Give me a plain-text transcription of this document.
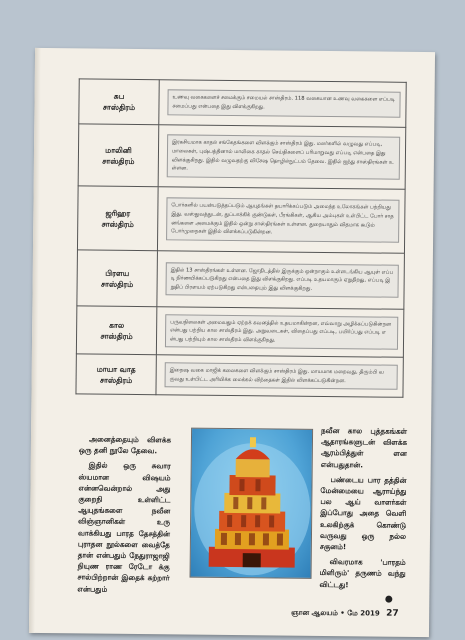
சுப
சாஸ்திரம்	உணவு வகைகளைச் சமைக்கும் சமையல் சாஸ்திரம். 118 வகையான உணவு வகைகளை எப்படி சமைப்பது என்பதை இது விளக்குகிறது.

மாலினி
சாஸ்திரம்	இரகசியமாக காதல் சங்கேதங்களை விளக்கும் சாஸ்திரம் இது. மலர்களில் வழுவது எப்படி, மாலைகள், புஷ்பத்தினால் மாலிகை காதல் செய்திகளைப் பரிமாறுவது எப்படி என்பதை இது விளக்குகிறது. இதில் வழுவதற்கு விசேஷ தொழில்நுட்பம் தேவை. இதில் ஐந்து சாஸ்திரங்கள் உள்ளன.

ஜரிஹர
சாஸ்திரம்	போர்களில் பயன்படுத்தப்படும் ஆயுதங்கள் தயாரிக்கப்படும் அமைந்த உலோகங்கள் பற்றியது இது. வஸ்துவத்துடன், துப்பாக்கிக் குண்டுகள், பீரங்கிகள், ஆகிய அம்புகள் உள்பிட்ட போர் சாதனங்களை அமைக்கும் இதில் ஒன்று சாஸ்திரங்கள் உள்ளன. துறையாதும் விதமாக கூடும் போர்முறைகள் இதில் விளக்கப்படுகின்றன.

பிரளய
சாஸ்திரம்	இதில் 13 சாஸ்திரங்கள் உள்ளன. ஜோதிடத்தில் இருக்கும் ஒன்றாகும் உள்ளடங்கிய ஆயுள் எப்படி நிர்ணயிக்கப்படுகிறது என்பதை இது விளக்குகிறது. எப்படி உதயமாகும் ஏறுதிறது, எப்படி இறுதிப் பிரளயம் ஏற்படுகிறது என்பதையும் இது விளக்குகிறது.

கால
சாஸ்திரம்	பருவநிலைகள் அமைவதும் ஏற்றக் கவனத்தில் உதயமாகின்றன, எவ்வாறு அழிக்கப்படுகின்றன என்பது பற்றிய கால சாஸ்திரம் இது. அறுவடைகள், விதைப்பது எப்படி, பயிர்ப்பது எப்படி என்பது பற்றியும் கால சாஸ்திரம் விளக்குகிறது.

மாயா வாத
சாஸ்திரம்	இறைஷ வகை மாஜிக் கலைகளை விளக்கும் சாஸ்திரம் இது. மாயமாக மறைவது, திரும்பி வருவது உள்பிட்ட அரியிக்க மைக்கல் விந்தைகள் இதில் விளக்கப்படுகின்றன.

அனைத்தையும் விளக்க ஒரு தனி நூலே தேவை.

இதில் ஒரு சுவார ஸ்யமான விஷயம் என்னவென்றால் அது குறைநி உள்ளிட்ட ஆயுதங்களை நவீன விஞ்ஞானிகள் உரு வாக்கியது பாரத தேசத்தின் புராதன நூல்களை வைத்தே தான் என்பதும் நேதுராஜாஜி நியுண ராண ரேடோ க்கு சால்பிற்றான் இதைக் கற்றார் என்பதும்

நவீன கால புத்தகங்கள் ஆதாரங்களுடன் விளக்க ஆரம்பித்துள் ளன என்பதுதான்.

பண்டைய பார தத்தின் மேன்மையை ஆராய்ந்து பல ஆய் வாளர்கள் இப்போது அதை வெளி உலகிற்குக் கொண்டு வருவது ஒரு நல்ல சகுனம்!

விவரமாக 'பாரதம் மிளிரும்' தருணம் வந்து விட்டது!

ஞான ஆலயம் • மே 2019 27
